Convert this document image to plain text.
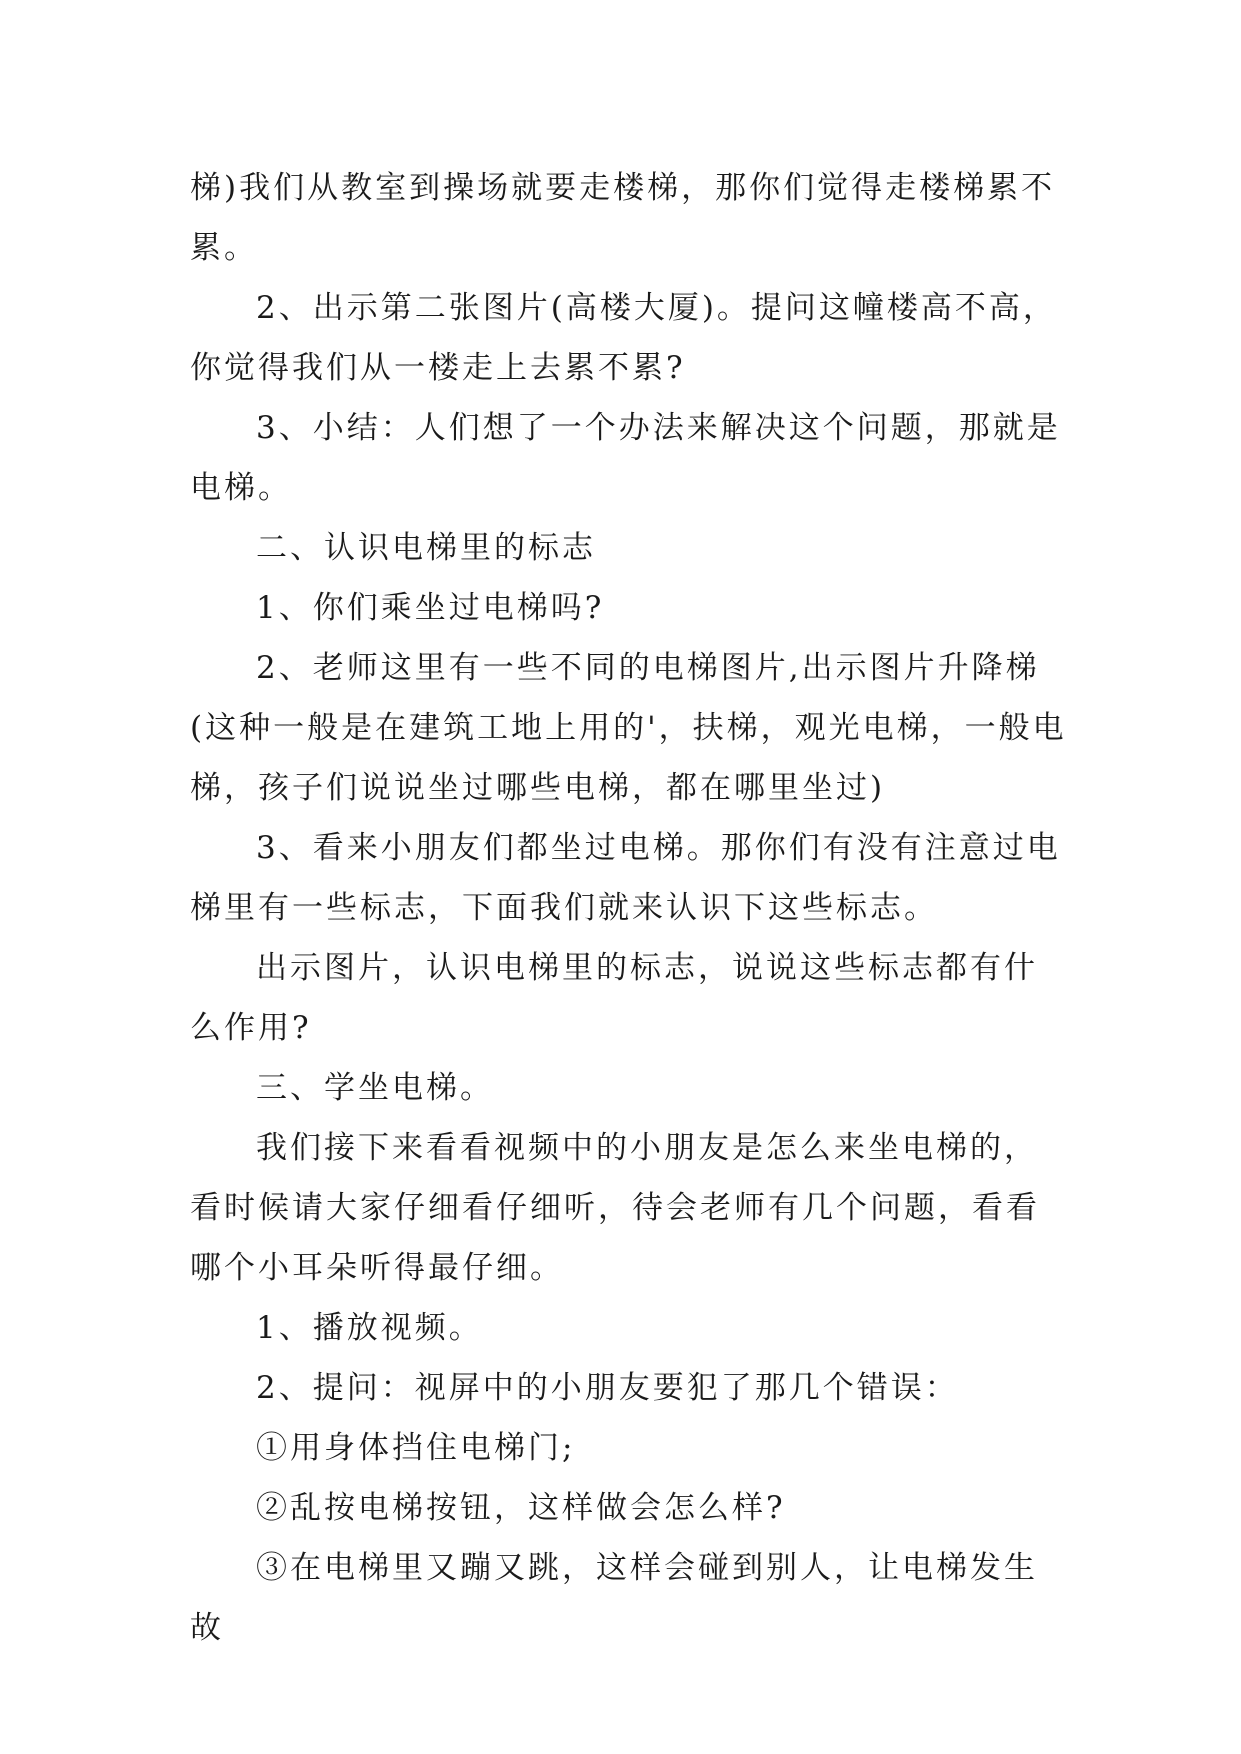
梯)我们从教室到操场就要走楼梯，那你们觉得走楼梯累不累。

2、出示第二张图片(高楼大厦)。提问这幢楼高不高，你觉得我们从一楼走上去累不累?

3、小结：人们想了一个办法来解决这个问题，那就是电梯。

二、认识电梯里的标志

1、你们乘坐过电梯吗?

2、老师这里有一些不同的电梯图片,出示图片升降梯(这种一般是在建筑工地上用的'，扶梯，观光电梯，一般电梯，孩子们说说坐过哪些电梯，都在哪里坐过)

3、看来小朋友们都坐过电梯。那你们有没有注意过电梯里有一些标志，下面我们就来认识下这些标志。

出示图片，认识电梯里的标志，说说这些标志都有什么作用?

三、学坐电梯。

我们接下来看看视频中的小朋友是怎么来坐电梯的，看时候请大家仔细看仔细听，待会老师有几个问题，看看哪个小耳朵听得最仔细。

1、播放视频。

2、提问：视屏中的小朋友要犯了那几个错误：

①用身体挡住电梯门;

②乱按电梯按钮，这样做会怎么样?

③在电梯里又蹦又跳，这样会碰到别人，让电梯发生故
